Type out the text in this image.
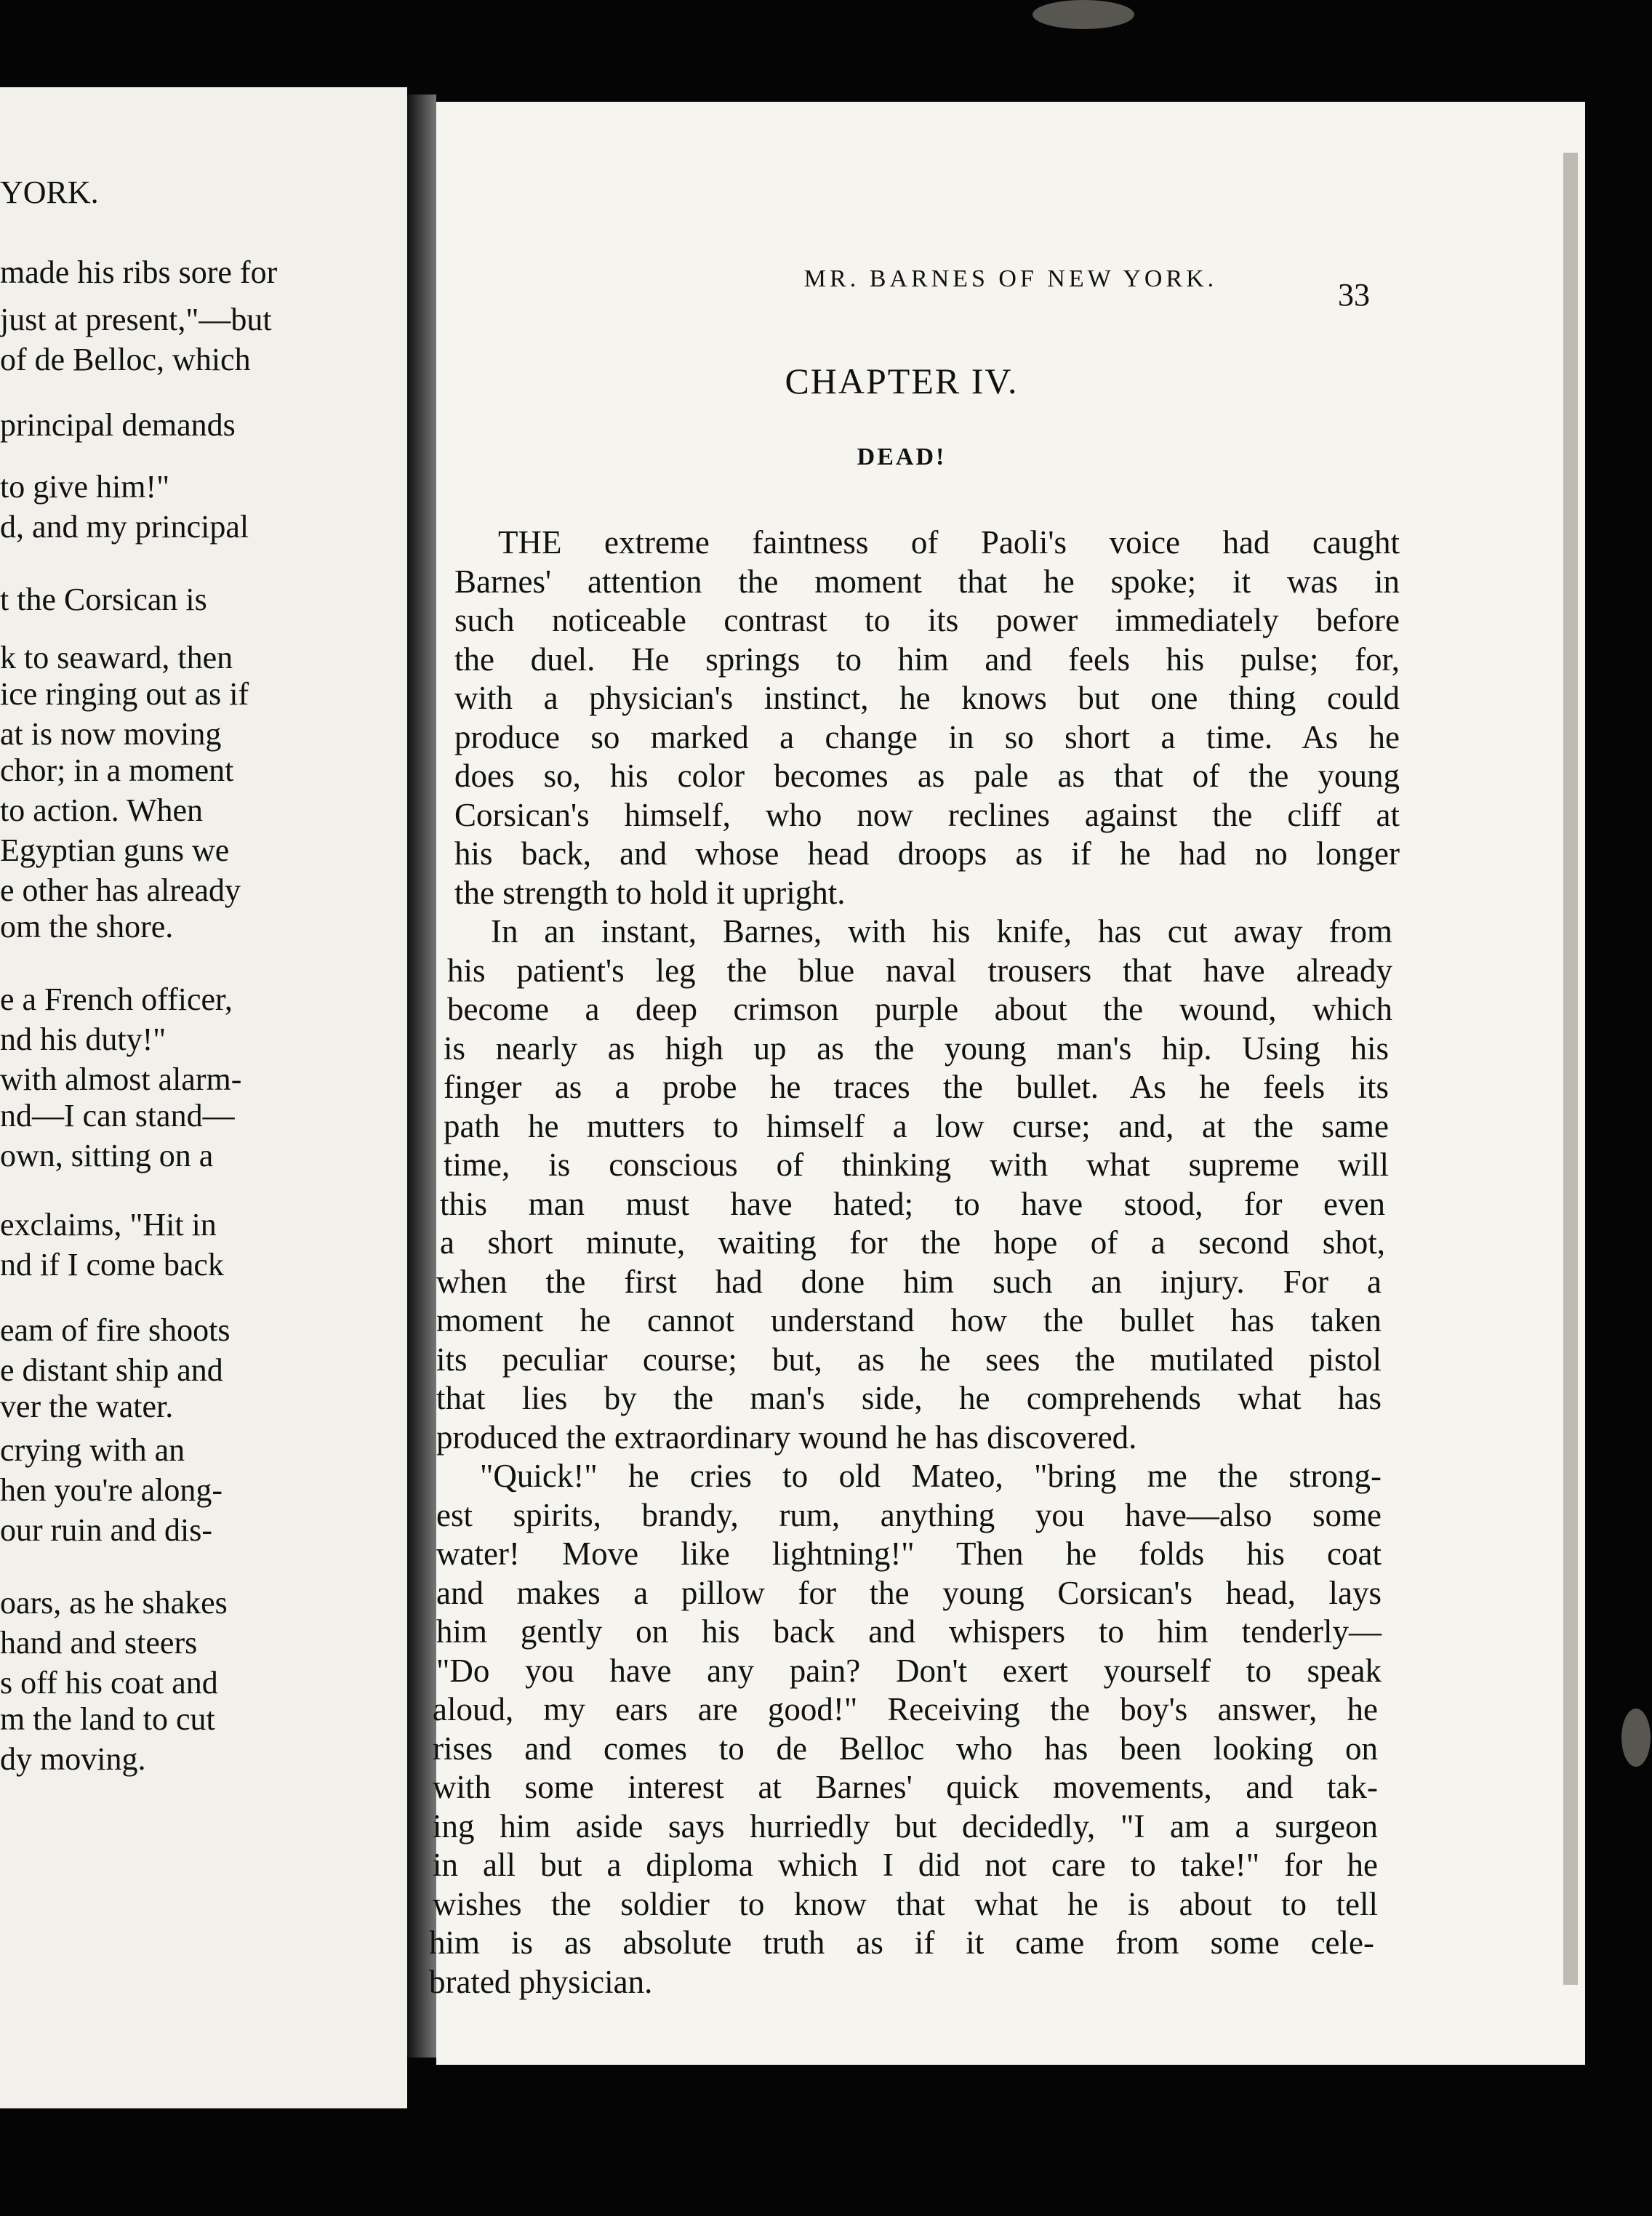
YORK.
made his ribs sore for
just at present,"—but
of de Belloc, which
principal demands
to give him!"
d, and my principal
t the Corsican is
k to seaward, then
ice ringing out as if
at is now moving
chor; in a moment
to action. When
Egyptian guns we
e other has already
om the shore.
e a French officer,
nd his duty!"
with almost alarm-
nd—I can stand—
own, sitting on a
exclaims, "Hit in
nd if I come back
eam of fire shoots
e distant ship and
ver the water.
crying with an
hen you're along-
our ruin and dis-
oars, as he shakes
hand and steers
s off his coat and
m the land to cut
dy moving.
MR. BARNES OF NEW YORK.	33
CHAPTER IV.
DEAD!
THE extreme faintness of Paoli's voice had caught
Barnes' attention the moment that he spoke; it was in
such noticeable contrast to its power immediately before
the duel. He springs to him and feels his pulse; for,
with a physician's instinct, he knows but one thing could
produce so marked a change in so short a time. As he
does so, his color becomes as pale as that of the young
Corsican's himself, who now reclines against the cliff at
his back, and whose head droops as if he had no longer
the strength to hold it upright.
In an instant, Barnes, with his knife, has cut away from
his patient's leg the blue naval trousers that have already
become a deep crimson purple about the wound, which
is nearly as high up as the young man's hip. Using his
finger as a probe he traces the bullet. As he feels its
path he mutters to himself a low curse; and, at the same
time, is conscious of thinking with what supreme will
this man must have hated; to have stood, for even
a short minute, waiting for the hope of a second shot,
when the first had done him such an injury. For a
moment he cannot understand how the bullet has taken
its peculiar course; but, as he sees the mutilated pistol
that lies by the man's side, he comprehends what has
produced the extraordinary wound he has discovered.
"Quick!" he cries to old Mateo, "bring me the strong-
est spirits, brandy, rum, anything you have—also some
water! Move like lightning!" Then he folds his coat
and makes a pillow for the young Corsican's head, lays
him gently on his back and whispers to him tenderly—
"Do you have any pain? Don't exert yourself to speak
aloud, my ears are good!" Receiving the boy's answer, he
rises and comes to de Belloc who has been looking on
with some interest at Barnes' quick movements, and tak-
ing him aside says hurriedly but decidedly, "I am a surgeon
in all but a diploma which I did not care to take!" for he
wishes the soldier to know that what he is about to tell
him is as absolute truth as if it came from some cele-
brated physician.
